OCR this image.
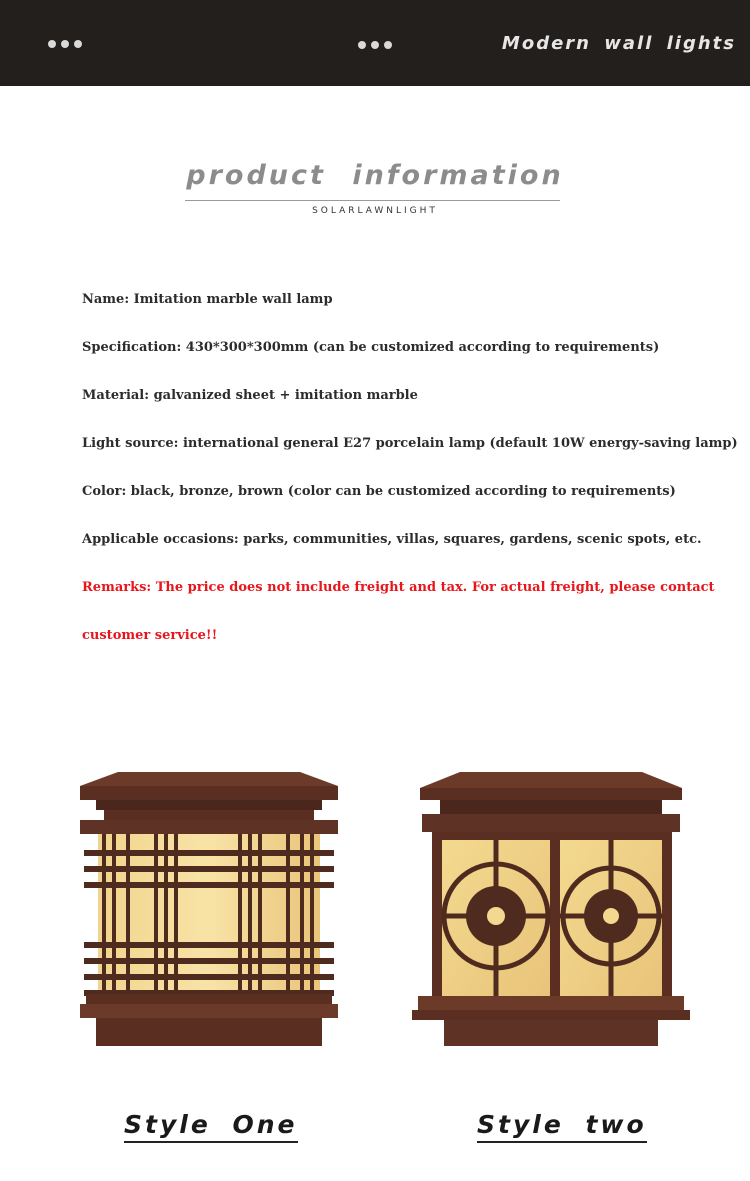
Modern wall lights
product information
SOLARLAWNLIGHT

Name: Imitation marble wall lamp

Specification: 430*300*300mm (can be customized according to requirements)

Material: galvanized sheet + imitation marble

Light source: international general E27 porcelain lamp (default 10W energy-saving lamp)

Color: black, bronze, brown (color can be customized according to requirements)

Applicable occasions: parks, communities, villas, squares, gardens, scenic spots, etc.

Remarks: The price does not include freight and tax. For actual freight, please contact

customer service!!

Style One	Style two
